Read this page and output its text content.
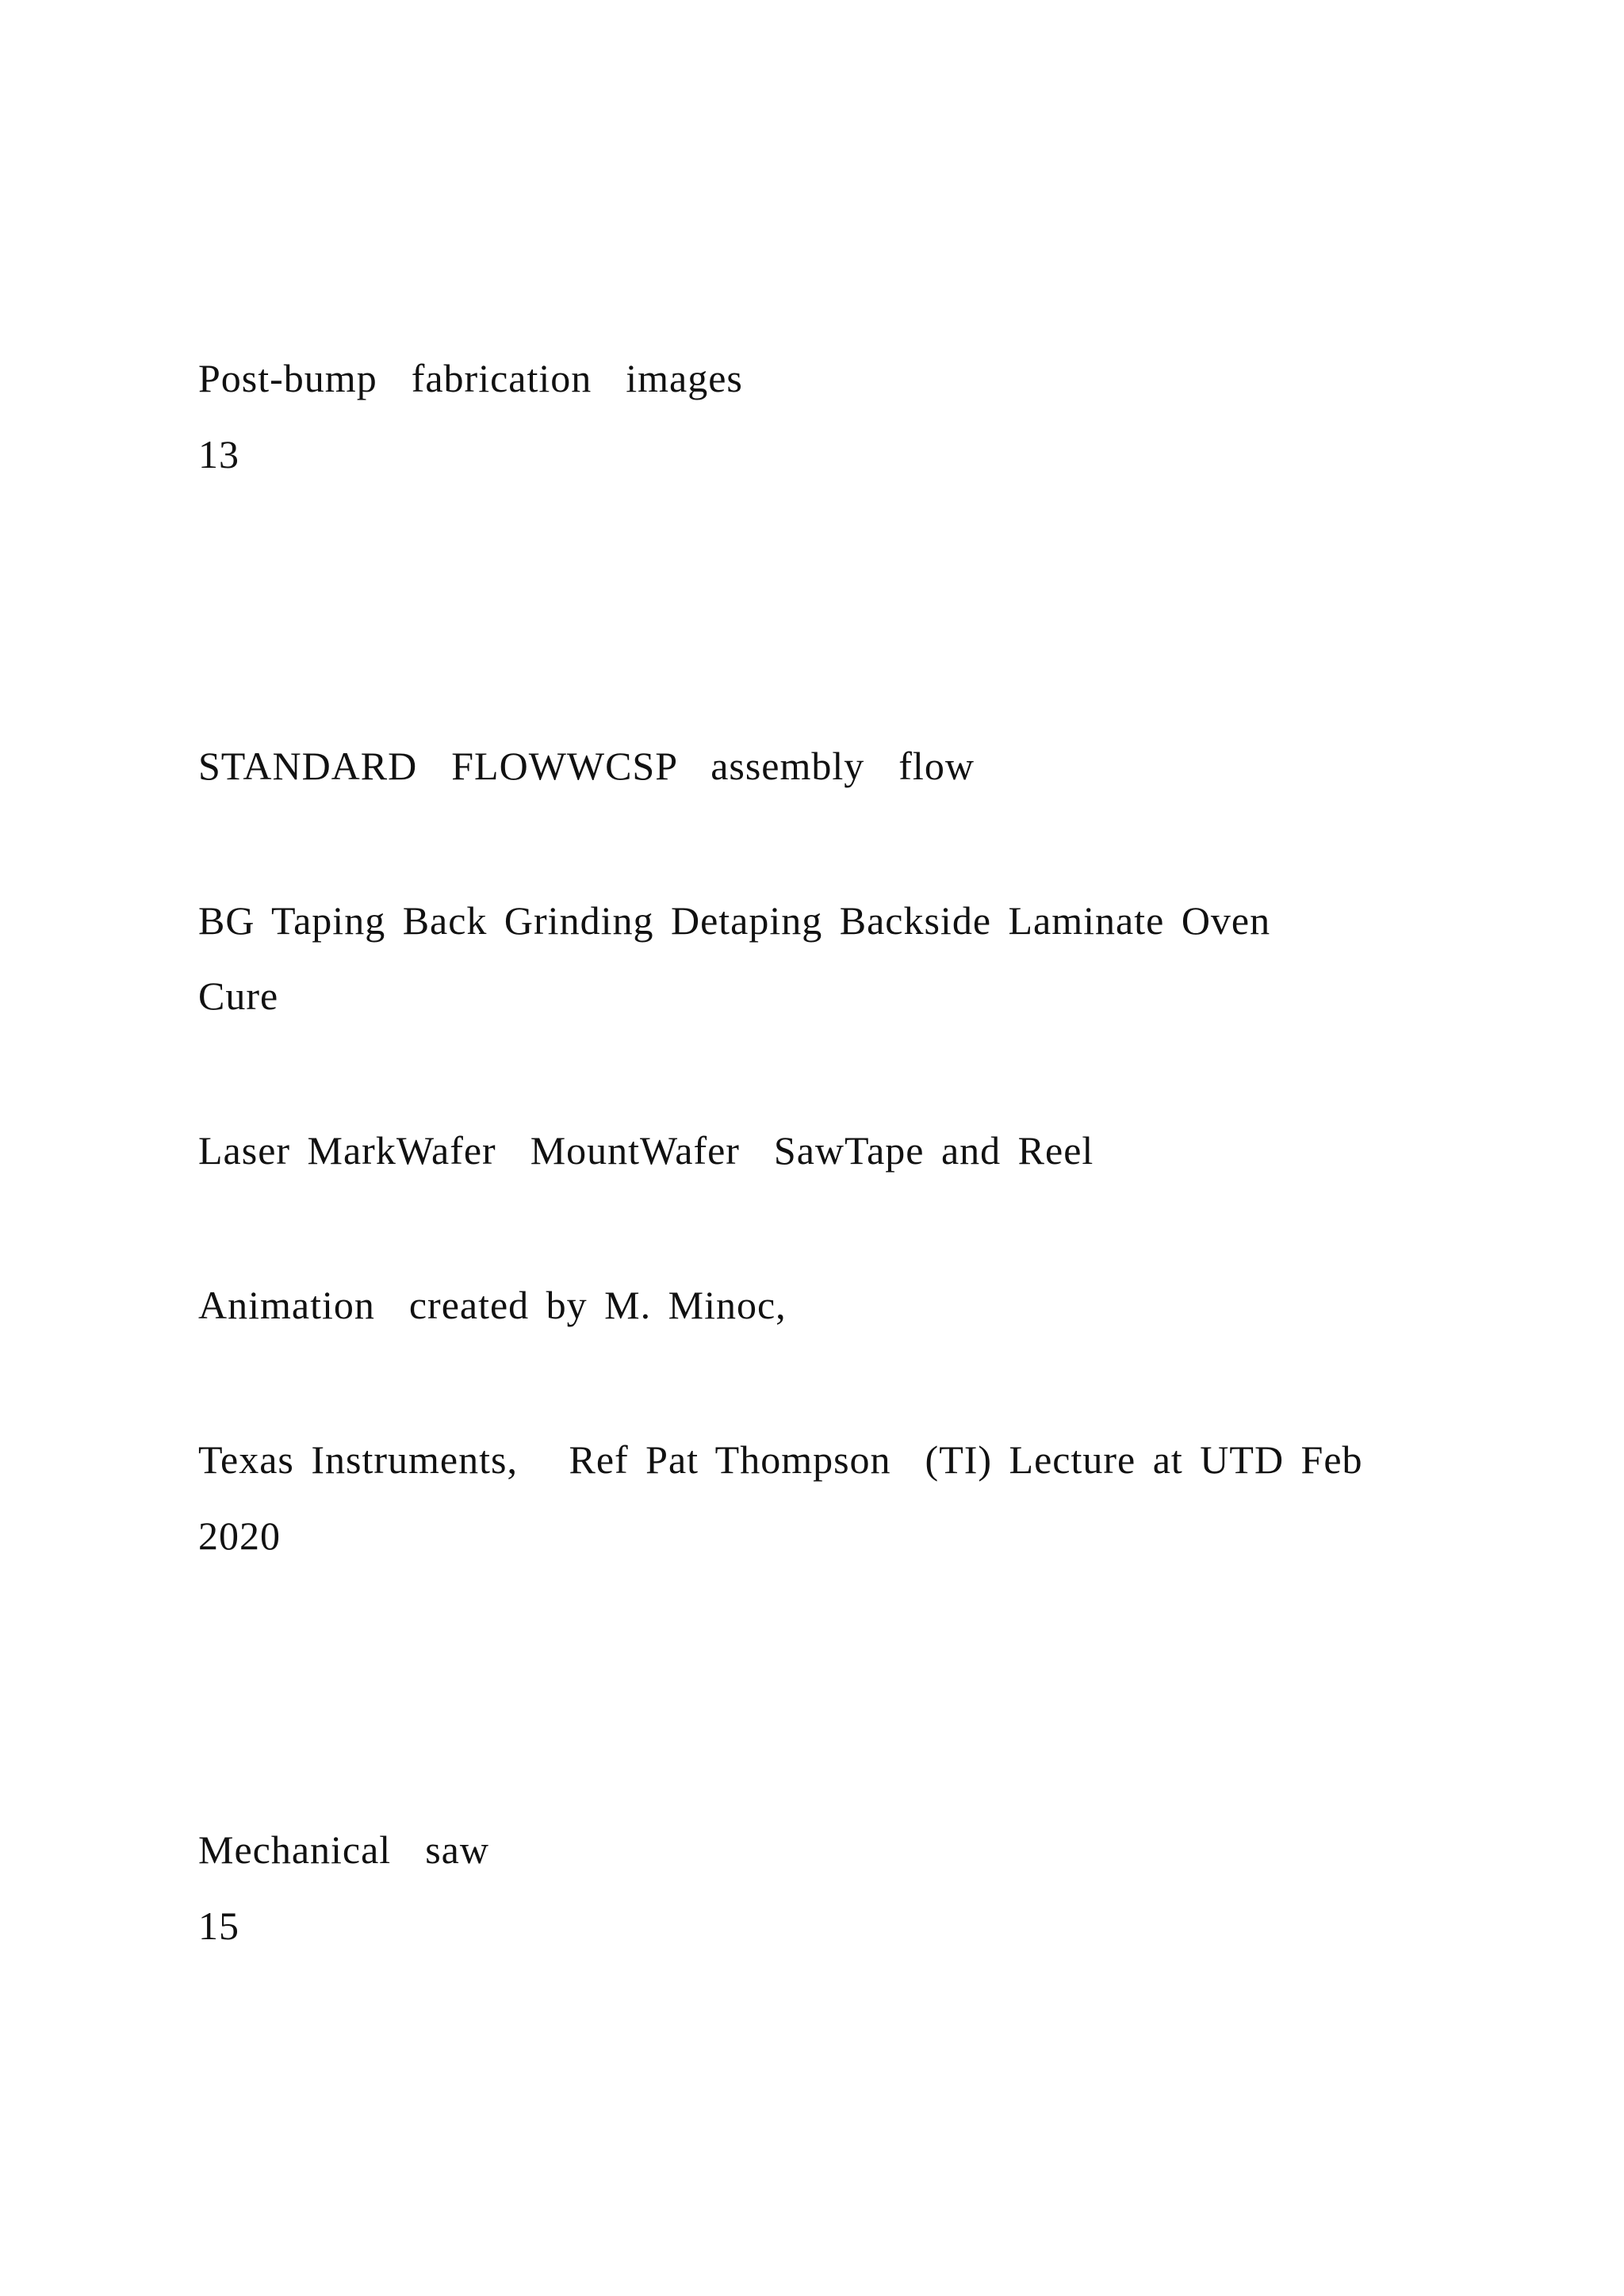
Post-bump  fabrication  images

13

STANDARD  FLOWWCSP  assembly  flow

BG Taping Back Grinding Detaping Backside Laminate Oven

Cure

Laser MarkWafer  MountWafer  SawTape and Reel

Animation  created by M. Minoc,

Texas Instruments,   Ref Pat Thompson  (TI) Lecture at UTD Feb

2020

Mechanical  saw

15
